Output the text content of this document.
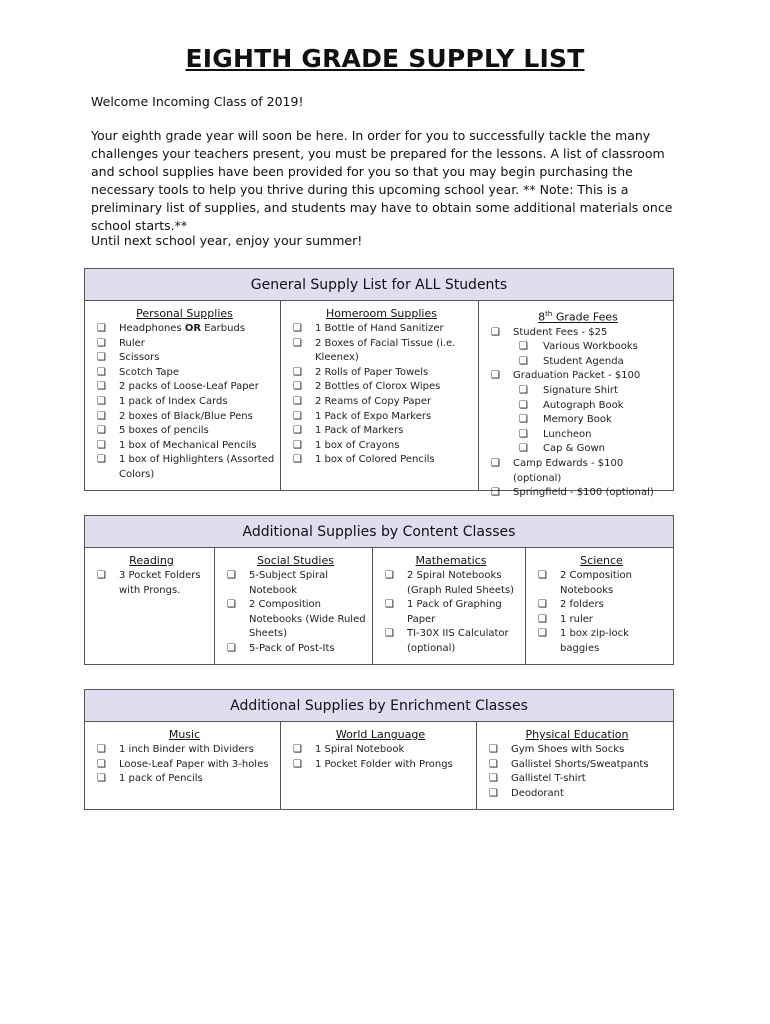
EIGHTH GRADE SUPPLY LIST

Welcome Incoming Class of 2019!

Your eighth grade year will soon be here. In order for you to successfully tackle the many challenges your teachers present, you must be prepared for the lessons. A list of classroom and school supplies have been provided for you so that you may begin purchasing the necessary tools to help you thrive during this upcoming school year. ** Note: This is a preliminary list of supplies, and students may have to obtain some additional materials once school starts.**

Until next school year, enjoy your summer!

General Supply List for ALL Students
Personal Supplies
❑ Headphones OR Earbuds
❑ Ruler
❑ Scissors
❑ Scotch Tape
❑ 2 packs of Loose-Leaf Paper
❑ 1 pack of Index Cards
❑ 2 boxes of Black/Blue Pens
❑ 5 boxes of pencils
❑ 1 box of Mechanical Pencils
❑ 1 box of Highlighters (Assorted Colors)
Homeroom Supplies
❑ 1 Bottle of Hand Sanitizer
❑ 2 Boxes of Facial Tissue (i.e. Kleenex)
❑ 2 Rolls of Paper Towels
❑ 2 Bottles of Clorox Wipes
❑ 2 Reams of Copy Paper
❑ 1 Pack of Expo Markers
❑ 1 Pack of Markers
❑ 1 box of Crayons
❑ 1 box of Colored Pencils
8th Grade Fees
❑ Student Fees - $25
❑ Various Workbooks
❑ Student Agenda
❑ Graduation Packet - $100
❑ Signature Shirt
❑ Autograph Book
❑ Memory Book
❑ Luncheon
❑ Cap & Gown
❑ Camp Edwards - $100 (optional)
❑ Springfield - $100 (optional)
Additional Supplies by Content Classes
Reading
❑ 3 Pocket Folders with Prongs.
Social Studies
❑ 5-Subject Spiral Notebook
❑ 2 Composition Notebooks (Wide Ruled Sheets)
❑ 5-Pack of Post-Its
Mathematics
❑ 2 Spiral Notebooks (Graph Ruled Sheets)
❑ 1 Pack of Graphing Paper
❑ TI-30X IIS Calculator (optional)
Science
❑ 2 Composition Notebooks
❑ 2 folders
❑ 1 ruler
❑ 1 box zip-lock baggies
Additional Supplies by Enrichment Classes
Music
❑ 1 inch Binder with Dividers
❑ Loose-Leaf Paper with 3-holes
❑ 1 pack of Pencils
World Language
❑ 1 Spiral Notebook
❑ 1 Pocket Folder with Prongs
Physical Education
❑ Gym Shoes with Socks
❑ Gallistel Shorts/Sweatpants
❑ Gallistel T-shirt
❑ Deodorant
